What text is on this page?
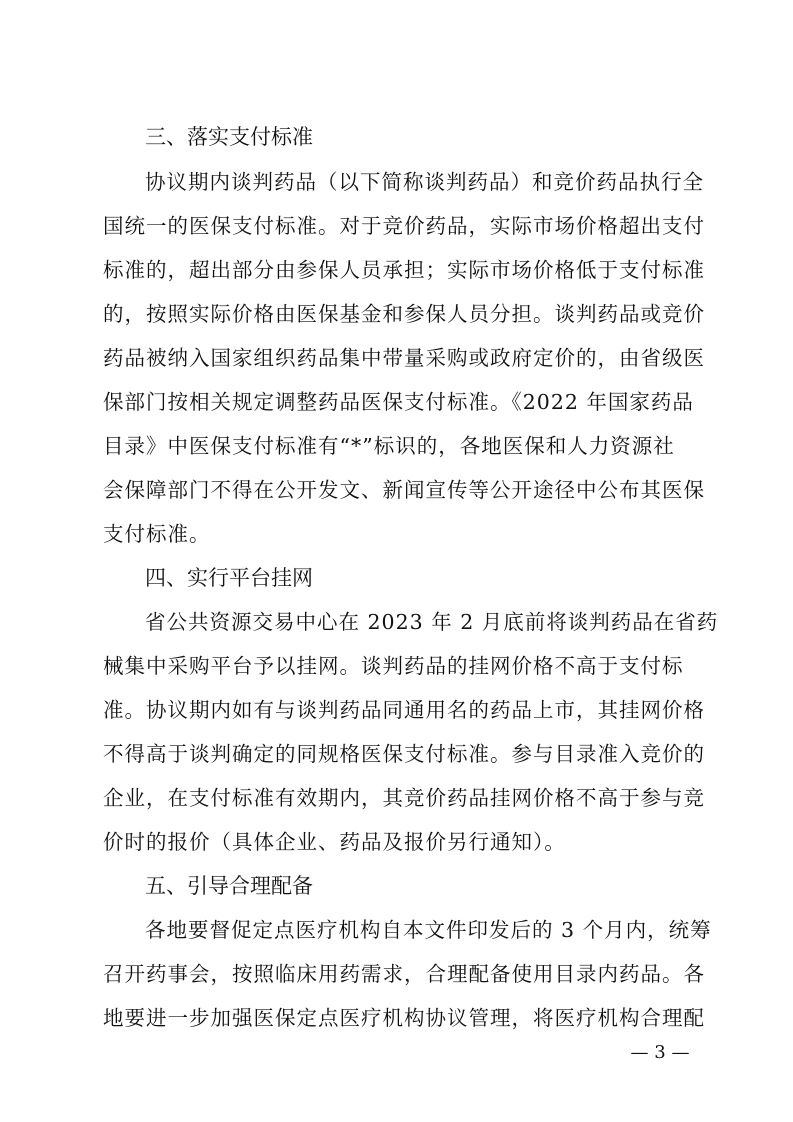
三、落实支付标准
协议期内谈判药品（以下简称谈判药品）和竞价药品执行全
国统一的医保支付标准。对于竞价药品，实际市场价格超出支付
标准的，超出部分由参保人员承担；实际市场价格低于支付标准
的，按照实际价格由医保基金和参保人员分担。谈判药品或竞价
药品被纳入国家组织药品集中带量采购或政府定价的，由省级医
保部门按相关规定调整药品医保支付标准。《2022 年国家药品
目录》中医保支付标准有“*”标识的，各地医保和人力资源社
会保障部门不得在公开发文、新闻宣传等公开途径中公布其医保
支付标准。
四、实行平台挂网
省公共资源交易中心在 2023 年 2 月底前将谈判药品在省药
械集中采购平台予以挂网。谈判药品的挂网价格不高于支付标
准。协议期内如有与谈判药品同通用名的药品上市，其挂网价格
不得高于谈判确定的同规格医保支付标准。参与目录准入竞价的
企业，在支付标准有效期内，其竞价药品挂网价格不高于参与竞
价时的报价（具体企业、药品及报价另行通知）。
五、引导合理配备
各地要督促定点医疗机构自本文件印发后的 3 个月内，统筹
召开药事会，按照临床用药需求，合理配备使用目录内药品。各
地要进一步加强医保定点医疗机构协议管理，将医疗机构合理配
— 3 —
